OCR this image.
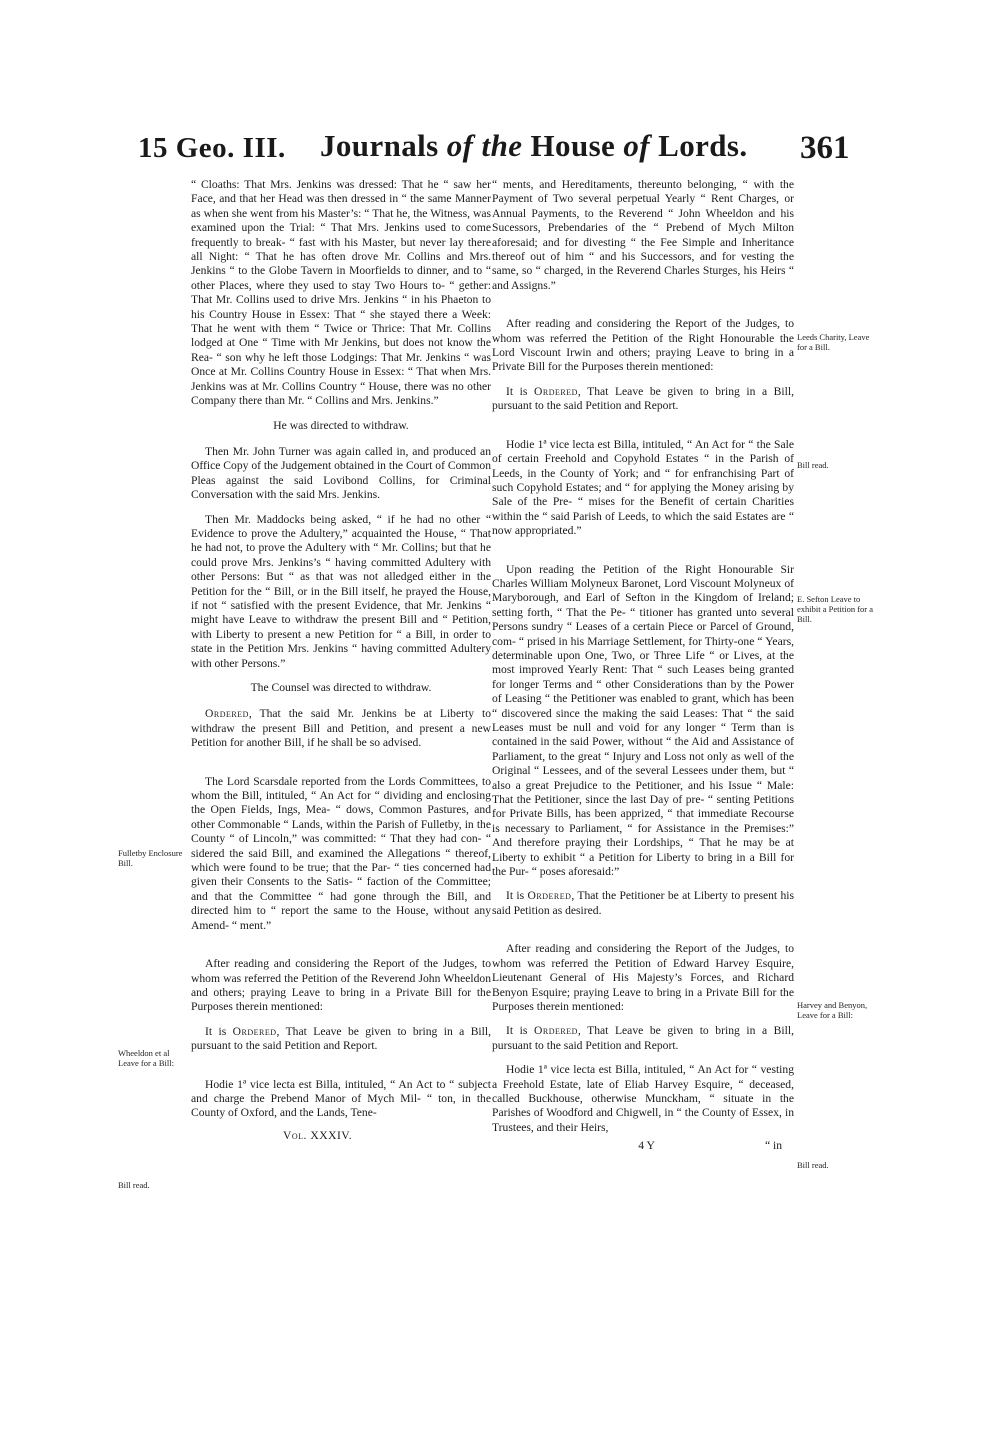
15 Geo. III. Journals of the House of Lords. 361

“ Cloaths: That Mrs. Jenkins was dressed: That he “ saw her Face, and that her Head was then dressed in “ the same Manner as when she went from his Master’s: “ That he, the Witness, was examined upon the Trial: “ That Mrs. Jenkins used to come frequently to break- “ fast with his Master, but never lay there all Night: “ That he has often drove Mr. Collins and Mrs. Jenkins “ to the Globe Tavern in Moorfields to dinner, and to “ other Places, where they used to stay Two Hours to- “ gether: That Mr. Collins used to drive Mrs. Jenkins “ in his Phaeton to his Country House in Essex: That “ she stayed there a Week: That he went with them “ Twice or Thrice: That Mr. Collins lodged at One “ Time with Mr Jenkins, but does not know the Rea- “ son why he left those Lodgings: That Mr. Jenkins “ was Once at Mr. Collins Country House in Essex: “ That when Mrs. Jenkins was at Mr. Collins Country “ House, there was no other Company there than Mr. “ Collins and Mrs. Jenkins.”

He was directed to withdraw.

Then Mr. John Turner was again called in, and produced an Office Copy of the Judgement obtained in the Court of Common Pleas against the said Lovibond Collins, for Criminal Conversation with the said Mrs. Jenkins.

Then Mr. Maddocks being asked, “ if he had no other “ Evidence to prove the Adultery,” acquainted the House, “ That he had not, to prove the Adultery with “ Mr. Collins; but that he could prove Mrs. Jenkins’s “ having committed Adultery with other Persons: But “ as that was not alledged either in the Petition for the “ Bill, or in the Bill itself, he prayed the House, if not “ satisfied with the present Evidence, that Mr. Jenkins “ might have Leave to withdraw the present Bill and “ Petition, with Liberty to present a new Petition for “ a Bill, in order to state in the Petition Mrs. Jenkins “ having committed Adultery with other Persons.”

The Counsel was directed to withdraw.

Ordered, That the said Mr. Jenkins be at Liberty to withdraw the present Bill and Petition, and present a new Petition for another Bill, if he shall be so advised.

The Lord Scarsdale reported from the Lords Committees, to whom the Bill, intituled, “ An Act for “ dividing and enclosing the Open Fields, Ings, Mea- “ dows, Common Pastures, and other Commonable “ Lands, within the Parish of Fulletby, in the County “ of Lincoln,” was committed: “ That they had con- “ sidered the said Bill, and examined the Allegations “ thereof, which were found to be true; that the Par- “ ties concerned had given their Consents to the Satis- “ faction of the Committee; and that the Committee “ had gone through the Bill, and directed him to “ report the same to the House, without any Amend- “ ment.”

After reading and considering the Report of the Judges, to whom was referred the Petition of the Reverend John Wheeldon and others; praying Leave to bring in a Private Bill for the Purposes therein mentioned:

It is Ordered, That Leave be given to bring in a Bill, pursuant to the said Petition and Report.

Hodie 1ª vice lecta est Billa, intituled, “ An Act to “ subject and charge the Prebend Manor of Mych Mil- “ ton, in the County of Oxford, and the Lands, Tene-

Vol. XXXIV.

“ ments, and Hereditaments, thereunto belonging, “ with the Payment of Two several perpetual Yearly “ Rent Charges, or Annual Payments, to the Reverend “ John Wheeldon and his Sucessors, Prebendaries of the “ Prebend of Mych Milton aforesaid; and for divesting “ the Fee Simple and Inheritance thereof out of him “ and his Successors, and for vesting the same, so “ charged, in the Reverend Charles Sturges, his Heirs “ and Assigns.”

After reading and considering the Report of the Judges, to whom was referred the Petition of the Right Honourable the Lord Viscount Irwin and others; praying Leave to bring in a Private Bill for the Purposes therein mentioned:

It is Ordered, That Leave be given to bring in a Bill, pursuant to the said Petition and Report.

Hodie 1ª vice lecta est Billa, intituled, “ An Act for “ the Sale of certain Freehold and Copyhold Estates “ in the Parish of Leeds, in the County of York; and “ for enfranchising Part of such Copyhold Estates; and “ for applying the Money arising by Sale of the Pre- “ mises for the Benefit of certain Charities within the “ said Parish of Leeds, to which the said Estates are “ now appropriated.”

Upon reading the Petition of the Right Honourable Sir Charles William Molyneux Baronet, Lord Viscount Molyneux of Maryborough, and Earl of Sefton in the Kingdom of Ireland; setting forth, “ That the Pe- “ titioner has granted unto several Persons sundry “ Leases of a certain Piece or Parcel of Ground, com- “ prised in his Marriage Settlement, for Thirty-one “ Years, determinable upon One, Two, or Three Life “ or Lives, at the most improved Yearly Rent: That “ such Leases being granted for longer Terms and “ other Considerations than by the Power of Leasing “ the Petitioner was enabled to grant, which has been “ discovered since the making the said Leases: That “ the said Leases must be null and void for any longer “ Term than is contained in the said Power, without “ the Aid and Assistance of Parliament, to the great “ Injury and Loss not only as well of the Original “ Lessees, and of the several Lessees under them, but “ also a great Prejudice to the Petitioner, and his Issue “ Male: That the Petitioner, since the last Day of pre- “ senting Petitions for Private Bills, has been apprized, “ that immediate Recourse is necessary to Parliament, “ for Assistance in the Premises:” And therefore praying their Lordships, “ That he may be at Liberty to exhibit “ a Petition for Liberty to bring in a Bill for the Pur- “ poses aforesaid:”

It is Ordered, That the Petitioner be at Liberty to present his said Petition as desired.

After reading and considering the Report of the Judges, to whom was referred the Petition of Edward Harvey Esquire, Lieutenant General of His Majesty’s Forces, and Richard Benyon Esquire; praying Leave to bring in a Private Bill for the Purposes therein mentioned:

It is Ordered, That Leave be given to bring in a Bill, pursuant to the said Petition and Report.

Hodie 1ª vice lecta est Billa, intituled, “ An Act for “ vesting a Freehold Estate, late of Eliab Harvey Esquire, “ deceased, called Buckhouse, otherwise Munckham, “ situate in the Parishes of Woodford and Chigwell, in “ the County of Essex, in Trustees, and their Heirs,

4 Y	“ in
Fulletby Enclosure Bill.
Wheeldon et al Leave for a Bill:
Bill read.
Leeds Charity, Leave for a Bill.
Bill read.
E. Sefton Leave to exhibit a Petition for a Bill.
Harvey and Benyon, Leave for a Bill:
Bill read.
